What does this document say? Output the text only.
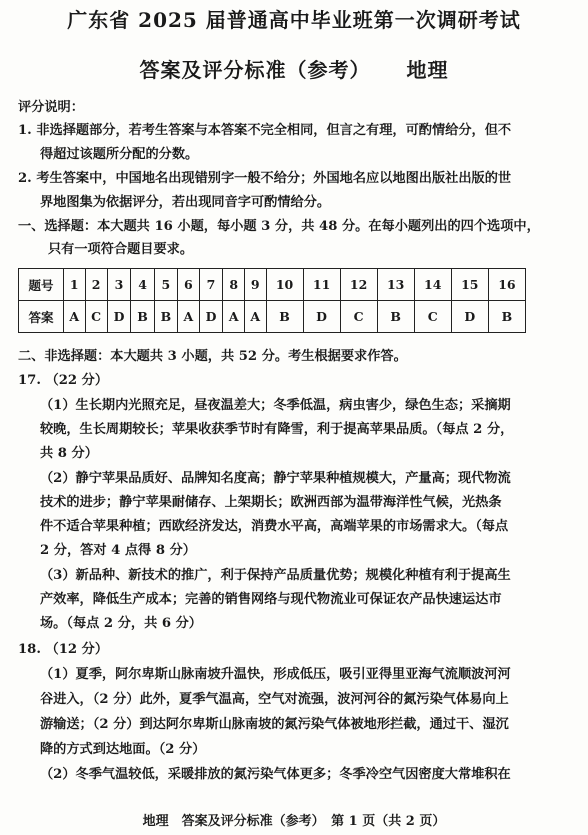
广东省 2025 届普通高中毕业班第一次调研考试
答案及评分标准（参考） 地理
评分说明：
1. 非选择题部分，若考生答案与本答案不完全相同，但言之有理，可酌情给分，但不
得超过该题所分配的分数。
2. 考生答案中，中国地名出现错别字一般不给分；外国地名应以地图出版社出版的世
界地图集为依据评分，若出现同音字可酌情给分。
一、选择题：本大题共 16 小题，每小题 3 分，共 48 分。在每小题列出的四个选项中，
只有一项符合题目要求。
题号	1	2	3	4	5	6	7	8	9	10	11	12	13	14	15	16
答案	A	C	D	B	B	A	D	A	A	B	D	C	B	C	D	B
二、非选择题：本大题共 3 小题，共 52 分。考生根据要求作答。
17. （22 分）
（1）生长期内光照充足，昼夜温差大；冬季低温，病虫害少，绿色生态；采摘期
较晚，生长周期较长；苹果收获季节时有降雪，利于提高苹果品质。（每点 2 分，
共 8 分）
（2）静宁苹果品质好、品牌知名度高；静宁苹果种植规模大，产量高；现代物流
技术的进步；静宁苹果耐储存、上架期长；欧洲西部为温带海洋性气候，光热条
件不适合苹果种植；西欧经济发达，消费水平高，高端苹果的市场需求大。（每点
2 分，答对 4 点得 8 分）
（3）新品种、新技术的推广，利于保持产品质量优势；规模化种植有利于提高生
产效率，降低生产成本；完善的销售网络与现代物流业可保证农产品快速运达市
场。（每点 2 分，共 6 分）
18. （12 分）
（1）夏季，阿尔卑斯山脉南坡升温快，形成低压，吸引亚得里亚海气流顺波河河
谷进入，（2 分）此外，夏季气温高，空气对流强，波河河谷的氮污染气体易向上
游输送；（2 分）到达阿尔卑斯山脉南坡的氮污染气体被地形拦截，通过干、湿沉
降的方式到达地面。（2 分）
（2）冬季气温较低，采暖排放的氮污染气体更多；冬季冷空气因密度大常堆积在
地理　答案及评分标准（参考）　第 1 页（共 2 页）
